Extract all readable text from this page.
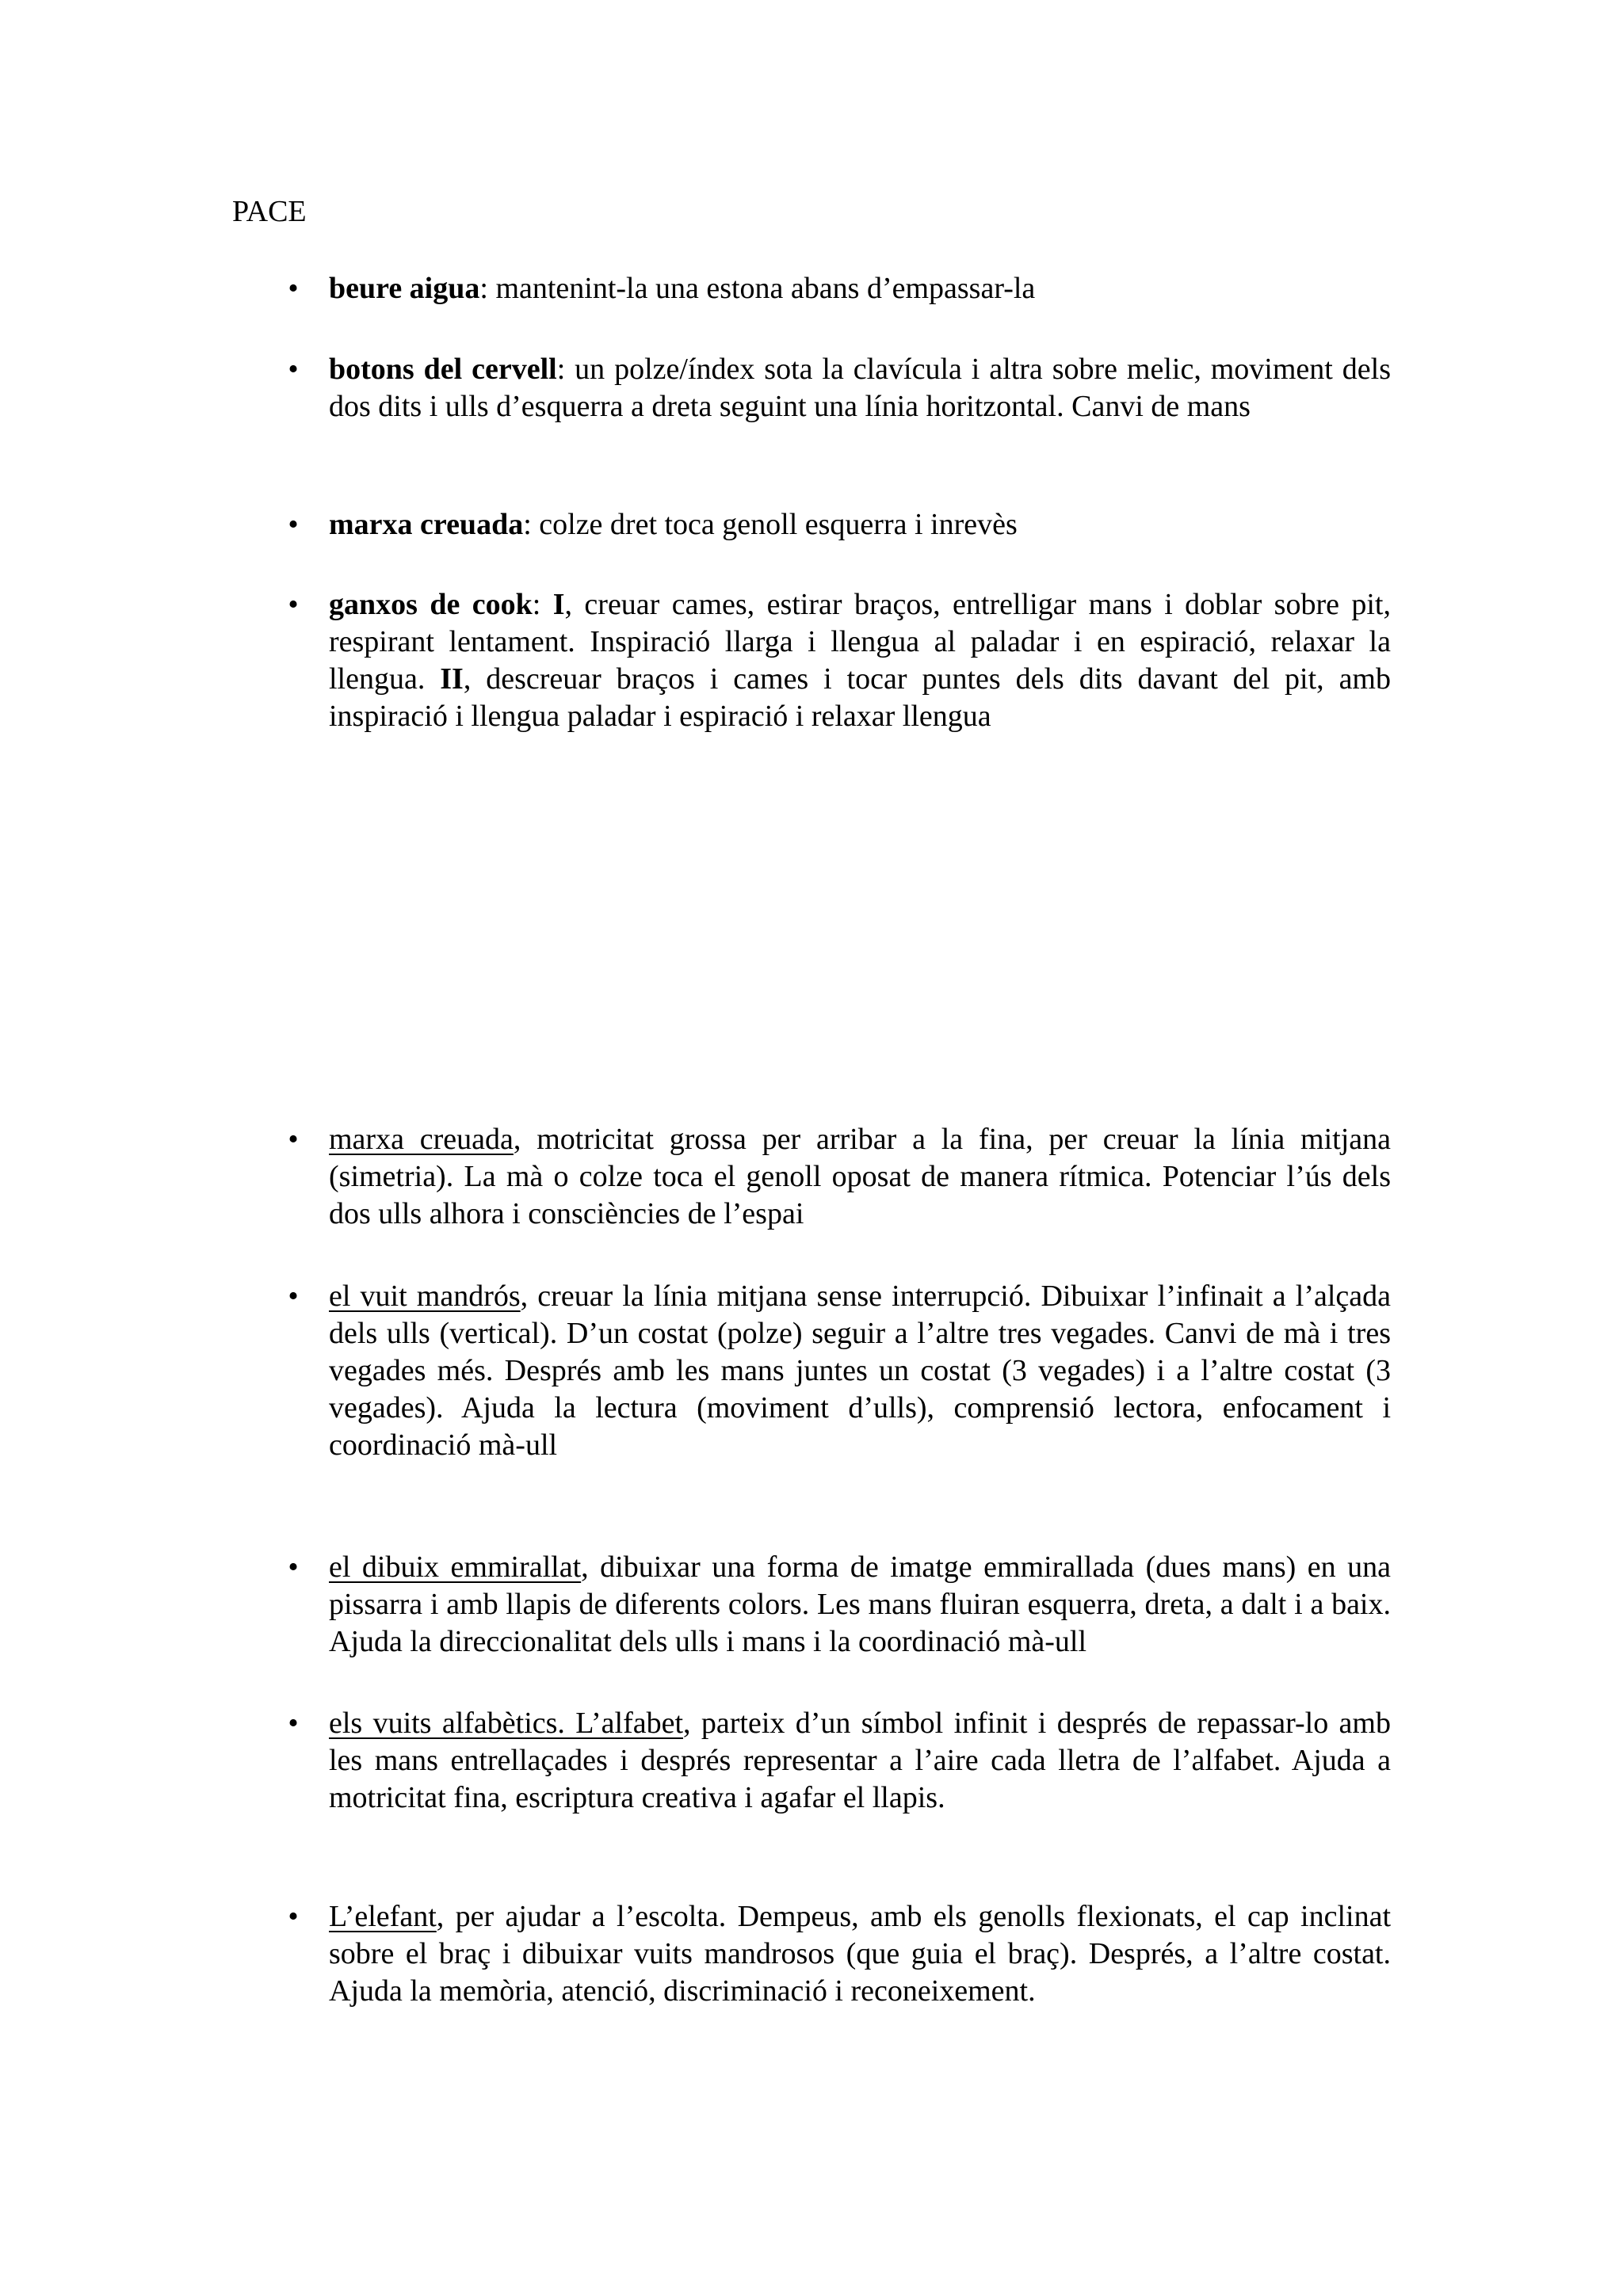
PACE
• beure aigua: mantenint-la una estona abans d’empassar-la
• botons del cervell: un polze/índex sota la clavícula i altra sobre melic, moviment dels dos dits i ulls d’esquerra a dreta seguint una línia horitzontal. Canvi de mans
• marxa creuada: colze dret toca genoll esquerra i inrevès
• ganxos de cook: I, creuar cames, estirar braços, entrelligar mans i doblar sobre pit, respirant lentament. Inspiració llarga i llengua al paladar i en espiració, relaxar la llengua. II, descreuar braços i cames i tocar puntes dels dits davant del pit, amb inspiració i llengua paladar i espiració i relaxar llengua
• marxa creuada, motricitat grossa per arribar a la fina, per creuar la línia mitjana (simetria). La mà o colze toca el genoll oposat de manera rítmica. Potenciar l’ús dels dos ulls alhora i consciències de l’espai
• el vuit mandrós, creuar la línia mitjana sense interrupció. Dibuixar l’infinait a l’alçada dels ulls (vertical). D’un costat (polze) seguir a l’altre tres vegades. Canvi de mà i tres vegades més. Després amb les mans juntes un costat (3 vegades) i a l’altre costat (3 vegades). Ajuda la lectura (moviment d’ulls), comprensió lectora, enfocament i coordinació mà-ull
• el dibuix emmirallat, dibuixar una forma de imatge emmirallada (dues mans) en una pissarra i amb llapis de diferents colors. Les mans fluiran esquerra, dreta, a dalt i a baix. Ajuda la direccionalitat dels ulls i mans i la coordinació mà-ull
• els vuits alfabètics. L’alfabet, parteix d’un símbol infinit i després de repassar-lo amb les mans entrellaçades i després representar a l’aire cada lletra de l’alfabet. Ajuda a motricitat fina, escriptura creativa i agafar el llapis.
• L’elefant, per ajudar a l’escolta. Dempeus, amb els genolls flexionats, el cap inclinat sobre el braç i dibuixar vuits mandrosos (que guia el braç). Després, a l’altre costat. Ajuda la memòria, atenció, discriminació i reconeixement.
